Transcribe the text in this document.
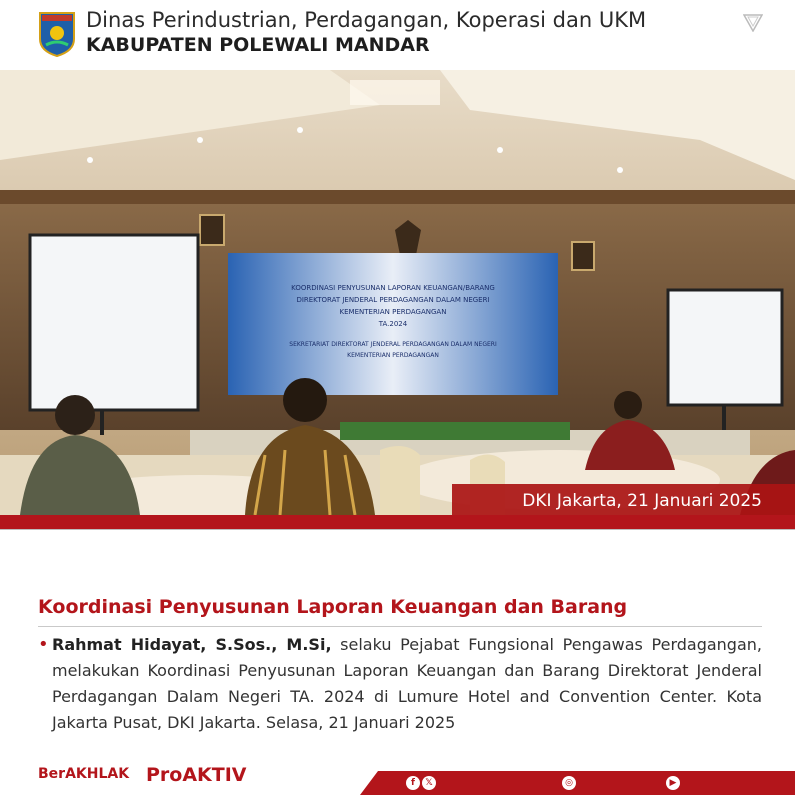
Dinas Perindustrian, Perdagangan, Koperasi dan UKM
KABUPATEN POLEWALI MANDAR
KOORDINASI PENYUSUNAN LAPORAN KEUANGAN/BARANG
DIREKTORAT JENDERAL PERDAGANGAN DALAM NEGERI
KEMENTERIAN PERDAGANGAN
TA.2024
SEKRETARIAT DIREKTORAT JENDERAL PERDAGANGAN DALAM NEGERI
KEMENTERIAN PERDAGANGAN
DKI Jakarta, 21 Januari 2025
Koordinasi Penyusunan Laporan Keuangan dan Barang
• Rahmat Hidayat, S.Sos., M.Si, selaku Pejabat Fungsional Pengawas Perdagangan, melakukan Koordinasi Penyusunan Laporan Keuangan dan Barang Direktorat Jenderal Perdagangan Dalam Negeri TA. 2024 di Lumure Hotel and Convention Center. Kota Jakarta Pusat, DKI Jakarta. Selasa, 21 Januari 2025
BerAKHLAK ProAKTIV	f	𝕏	◎	▶
